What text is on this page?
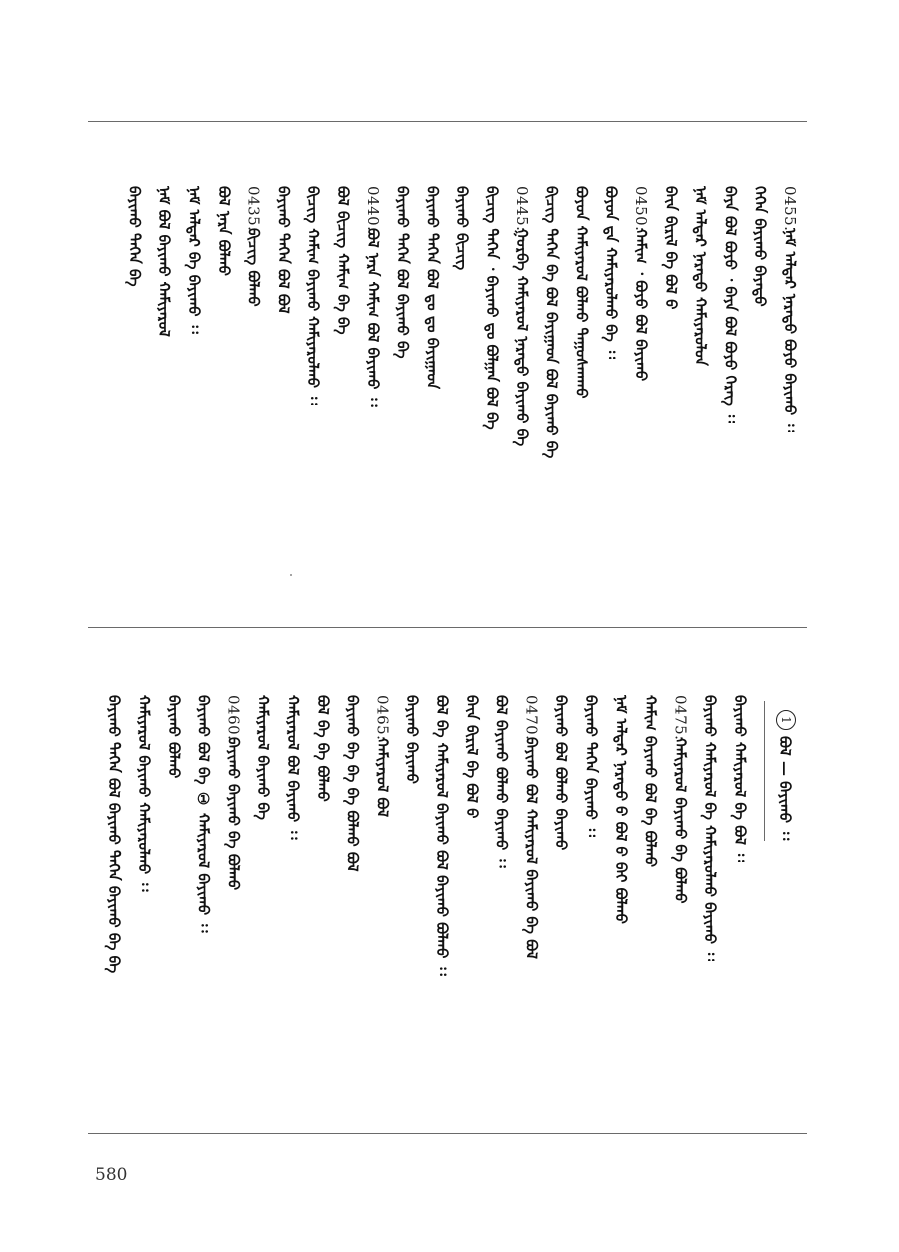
0455.
ᠨᠠᠮ ᠠᠯᠳᠠᠷ ᠨᠡᠷᠡᠲᠦ ᠪᠤᠶᠤ ᠪᠠᠶᠢᠬᠤ ᠄᠄
ᠭᠡᠭᠡᠨ ᠪᠠᠶᠢᠬᠤ ᠪᠡᠶᠡᠲᠦ
ᠪᠡᠶᠡ ᠪᠣᠯ ᠪᠤᠶᠤ ᠂ ᠪᠡᠶᠡ ᠪᠣᠯ ᠪᠤᠶᠤ ᠬᠡᠷᠡᠭ ᠄᠄
ᠨᠠᠮ ᠠᠯᠳᠠᠷ ᠨᠡᠷᠡᠲᠦ ᠬᠠᠮᠢᠶᠠᠷᠤᠯᠤᠨ
ᠪᠠᠶ᠋ᠠ ᠪᠢᠷᠢᠯ ᠪᠠ ᠪᠣᠯ ᠪ
0450.
ᠬᠠᠮᠢᠭ ᠂ ᠪᠤᠶᠤ ᠪᠣᠯ ᠪᠠᠶᠢᠬᠤ
ᠪᠣᠶᠤᠨ ᠳᠠ ᠬᠠᠮᠢᠶᠠᠷᠤᠯᠬᠤ ᠪᠠ ᠄᠄
ᠪᠣᠶᠤᠨ ᠬᠠᠮᠢᠶᠠᠷᠤᠯ ᠪᠣᠯᠬᠤ ᠳᠠᠭᠤᠰᠬᠠᠬᠤ
ᠪᠢᠴᠢᠭ ᠲᠡᠭᠡᠨ ᠪᠠ ᠪᠣᠯ ᠪᠠᠶᠢᠭᠠᠳ ᠪᠣᠯ ᠪᠠᠶᠢᠬᠤ ᠪᠠ
0445.
ᠭᠤᠷᠪᠠ ᠬᠠᠮᠢᠶᠠᠷᠤᠯ ᠨᠡᠷᠡᠲᠦ ᠪᠠᠶᠢᠬᠤ ᠪᠠ
ᠪᠢᠴᠢᠭ ᠲᠡᠭᠡᠨ ᠂ ᠪᠠᠶᠢᠬᠤ ᠳᠤ ᠪᠣᠯᠭᠠᠨ ᠪᠣᠯ ᠪᠠ
ᠪᠠᠶᠢᠬᠤ ᠪᠢᠴᠢᠭ
ᠪᠠᠶᠢᠬᠤ ᠲᠡᠭᠡᠨ ᠪᠣᠯ ᠳᠤ ᠳᠤ ᠪᠠᠶᠢᠭᠠᠳ
ᠪᠠᠶᠢᠬᠤ ᠲᠡᠭᠡᠨ ᠪᠣᠯ ᠪᠠᠶᠢᠬᠤ ᠪᠠ
0440.
ᠪᠣᠯ ᠨᠡᠷᠡ ᠬᠠᠮᠢᠭ ᠪᠣᠯ ᠪᠠᠶᠢᠬᠤ ᠄᠄
ᠪᠣᠯ ᠪᠢᠴᠢᠭ ᠬᠠᠮᠢᠭ ᠪᠠ ᠪᠠ
ᠪᠢᠴᠢᠭ ᠬᠠᠮᠢᠭ ᠪᠠᠶᠢᠬᠤ ᠬᠠᠮᠢᠶᠠᠷᠤᠯᠬᠤ ᠄᠄
ᠪᠠᠶᠢᠬᠤ ᠲᠡᠭᠡᠨ ᠪᠣᠯ ᠪᠣᠯ
0435.
ᠪᠢᠴᠢᠭ ᠪᠣᠯᠬᠤ
ᠪᠣᠯ ᠨᠡᠷᠡ ᠪᠣᠯᠬᠤ
ᠨᠠᠮ ᠠᠯᠳᠠᠷ ᠪᠠ ᠪᠠᠶᠢᠬᠤ ᠄᠄
ᠨᠠᠮ ᠪᠣᠯ ᠪᠠᠶᠢᠬᠤ ᠬᠠᠮᠢᠶᠠᠷᠤᠯ
ᠪᠠᠶᠢᠬᠤ ᠲᠡᠭᠡᠨ ᠪᠠ
ᠪᠣᠯ — ᠪᠠᠶᠢᠬᠤ ᠄᠄
ᠪᠠᠶᠢᠬᠤ ᠬᠠᠮᠢᠶᠠᠷᠤᠯ ᠪᠠ ᠪᠣᠯ ᠄᠄
ᠪᠠᠶᠢᠬᠤ ᠬᠠᠮᠢᠶᠠᠷᠤᠯ ᠪᠠ ᠬᠠᠮᠢᠶᠠᠷᠤᠯᠬᠤ ᠪᠠᠶᠢᠬᠤ ᠄᠄
0475.
ᠬᠠᠮᠢᠶᠠᠷᠤᠯ ᠪᠠᠶᠢᠬᠤ ᠪᠠ ᠪᠣᠯᠬᠤ
ᠬᠠᠮᠢᠭ ᠪᠠᠶᠢᠬᠤ ᠪᠣᠯ ᠪᠠ ᠪᠣᠯᠬᠤ
ᠨᠠᠮ ᠠᠯᠳᠠᠷ ᠨᠡᠷᠡᠲᠦ ᠪ ᠪᠣᠯ ᠪ ᠪᠠᠶ ᠪᠣᠯᠬᠤ
ᠪᠠᠶᠢᠬᠤ ᠲᠡᠭᠡᠨ ᠪᠠᠶᠢᠬᠤ ᠄᠄
ᠪᠠᠶᠢᠬᠤ ᠪᠣᠯ ᠪᠣᠯᠬᠤ ᠪᠠᠶᠢᠬᠤ
0470.
ᠪᠠᠶᠢᠬᠤ ᠪᠣᠯ ᠬᠠᠮᠢᠶᠠᠷᠤᠯ ᠪᠠᠶᠢᠬᠤ ᠪᠠ ᠪᠣᠯ
ᠪᠣᠯ ᠪᠠᠶᠢᠬᠤ ᠪᠣᠯᠬᠤ ᠪᠠᠶᠢᠬᠤ ᠄᠄
ᠪᠠᠶ᠋ᠠ ᠪᠢᠷᠢᠯ ᠪᠠ ᠪᠣᠯ ᠪ
ᠪᠣᠯ ᠪᠠ ᠬᠠᠮᠢᠶᠠᠷᠤᠯ ᠪᠠᠶᠢᠬᠤ ᠪᠣᠯ ᠪᠠᠶᠢᠬᠤ ᠪᠣᠯᠬᠤ ᠄᠄
ᠪᠠᠶᠢᠬᠤ ᠪᠠᠶᠢᠬᠤ
0465.
ᠬᠠᠮᠢᠶᠠᠷᠤᠯ ᠪᠣᠯ
ᠪᠠᠶᠢᠬᠤ ᠪᠠ ᠪᠠ ᠪᠠ ᠪᠣᠯᠬᠤ ᠪᠣᠯ
ᠪᠣᠯ ᠪᠠ ᠪᠠ ᠪᠣᠯᠬᠤ
ᠬᠠᠮᠢᠶᠠᠷᠤᠯ ᠪᠣᠯ ᠪᠠᠶᠢᠬᠤ ᠄᠄
ᠬᠠᠮᠢᠶᠠᠷᠤᠯ ᠪᠠᠶᠢᠬᠤ ᠪᠠ
0460.
ᠪᠠᠶᠢᠬᠤ ᠪᠠᠶᠢᠬᠤ ᠪᠠ ᠪᠣᠯᠬᠤ
ᠪᠠᠶᠢᠬᠤ ᠪᠣᠯ ᠪᠠ ① ᠬᠠᠮᠢᠶᠠᠷᠤᠯ ᠪᠠᠶᠢᠬᠤ ᠄᠄
ᠪᠠᠶᠢᠬᠤ ᠪᠣᠯᠬᠤ
ᠬᠠᠮᠢᠶᠠᠷᠤᠯ ᠪᠠᠶᠢᠬᠤ ᠬᠠᠮᠢᠶᠠᠷᠤᠯᠬᠤ ᠄᠄
ᠪᠠᠶᠢᠬᠤ ᠲᠡᠭᠡᠨ ᠪᠣᠯ ᠪᠠᠶᠢᠬᠤ ᠲᠡᠭᠡᠨ ᠪᠠᠶᠢᠬᠤ ᠪᠠ ᠪᠠ	1
580
